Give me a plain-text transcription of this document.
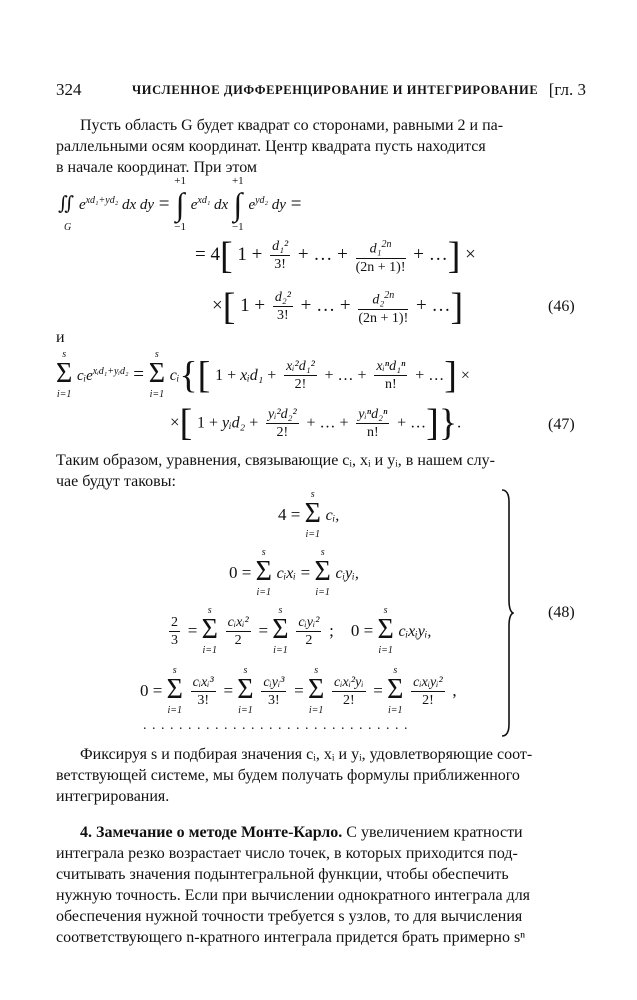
324	ЧИСЛЕННОЕ ДИФФЕРЕНЦИРОВАНИЕ И ИНТЕГРИРОВАНИЕ [гл. 3
Пусть область G будет квадрат со сторонами, равными 2 и па-
раллельными осям координат. Центр квадрата пусть находится
в начале координат. При этом
∬
G
$e^{xd_1+yd_2}$ dx dy =
+1
∫
−1
$e^{xd_1}$ dx
+1
∫
−1
$e^{yd_2}$ dy =
= 4[ $1 + \frac{\text{d₁²}}{3!}$ + … + $\frac{d_1^{2n}}{(2n + 1)!}$ + …] ×
×[ $1 + \frac{\text{d₂²}}{3!}$ + … + $\frac{d_2^{2n}}{(2n + 1)!}$ + …]	(46)
и
s
Σ
i=1
cᵢe$^{xᵢd_1+yᵢd_2}$ =
s
Σ
i=1
cᵢ{[ 1 + xᵢd₁ + $\frac{\text{xᵢ²d₁²}}{2!}$ + … + $\frac{\text{xᵢⁿd₁ⁿ}}{n!}$ + …] ×
×[ 1 + yᵢd₂ + $\frac{\text{yᵢ²d₂²}}{2!}$ + … + $\frac{\text{yᵢⁿd₂ⁿ}}{n!}$ + …]}.	(47)
Таким образом, уравнения, связывающие cᵢ, xᵢ и yᵢ, в нашем слу-
чае будут таковы:
4 =
s
Σ
i=1
cᵢ,
0 =
s
Σ
i=1
cᵢxᵢ =
s
Σ
i=1
cᵢyᵢ,
$\frac{2}{3}$ =
s
Σ
i=1

$\frac{\text{cᵢxᵢ²}}{2}$ =
s
Σ
i=1

$\frac{\text{cᵢyᵢ²}}{2}$ ;    0 =
s
Σ
i=1
cᵢxᵢyᵢ,
0 =
s
Σ
i=1

$\frac{\text{cᵢxᵢ³}}{3!}$ =
s
Σ
i=1

$\frac{\text{cᵢyᵢ³}}{3!}$ =
s
Σ
i=1

$\frac{\text{cᵢxᵢ²yᵢ}}{2!}$ =
s
Σ
i=1

$\frac{\text{cᵢxᵢyᵢ²}}{2!}$ ,
. . . . . . . . . . . . . . . . . . . . . . . . . . . . . .
(48)
Фиксируя s и подбирая значения cᵢ, xᵢ и yᵢ, удовлетворяющие соот-
ветствующей системе, мы будем получать формулы приближенного
интегрирования.
4. Замечание о методе Монте-Карло. С увеличением кратности
интеграла резко возрастает число точек, в которых приходится под-
считывать значения подынтегральной функции, чтобы обеспечить
нужную точность. Если при вычислении однократного интеграла для
обеспечения нужной точности требуется s узлов, то для вычисления
соответствующего n-кратного интеграла придется брать примерно sⁿ
